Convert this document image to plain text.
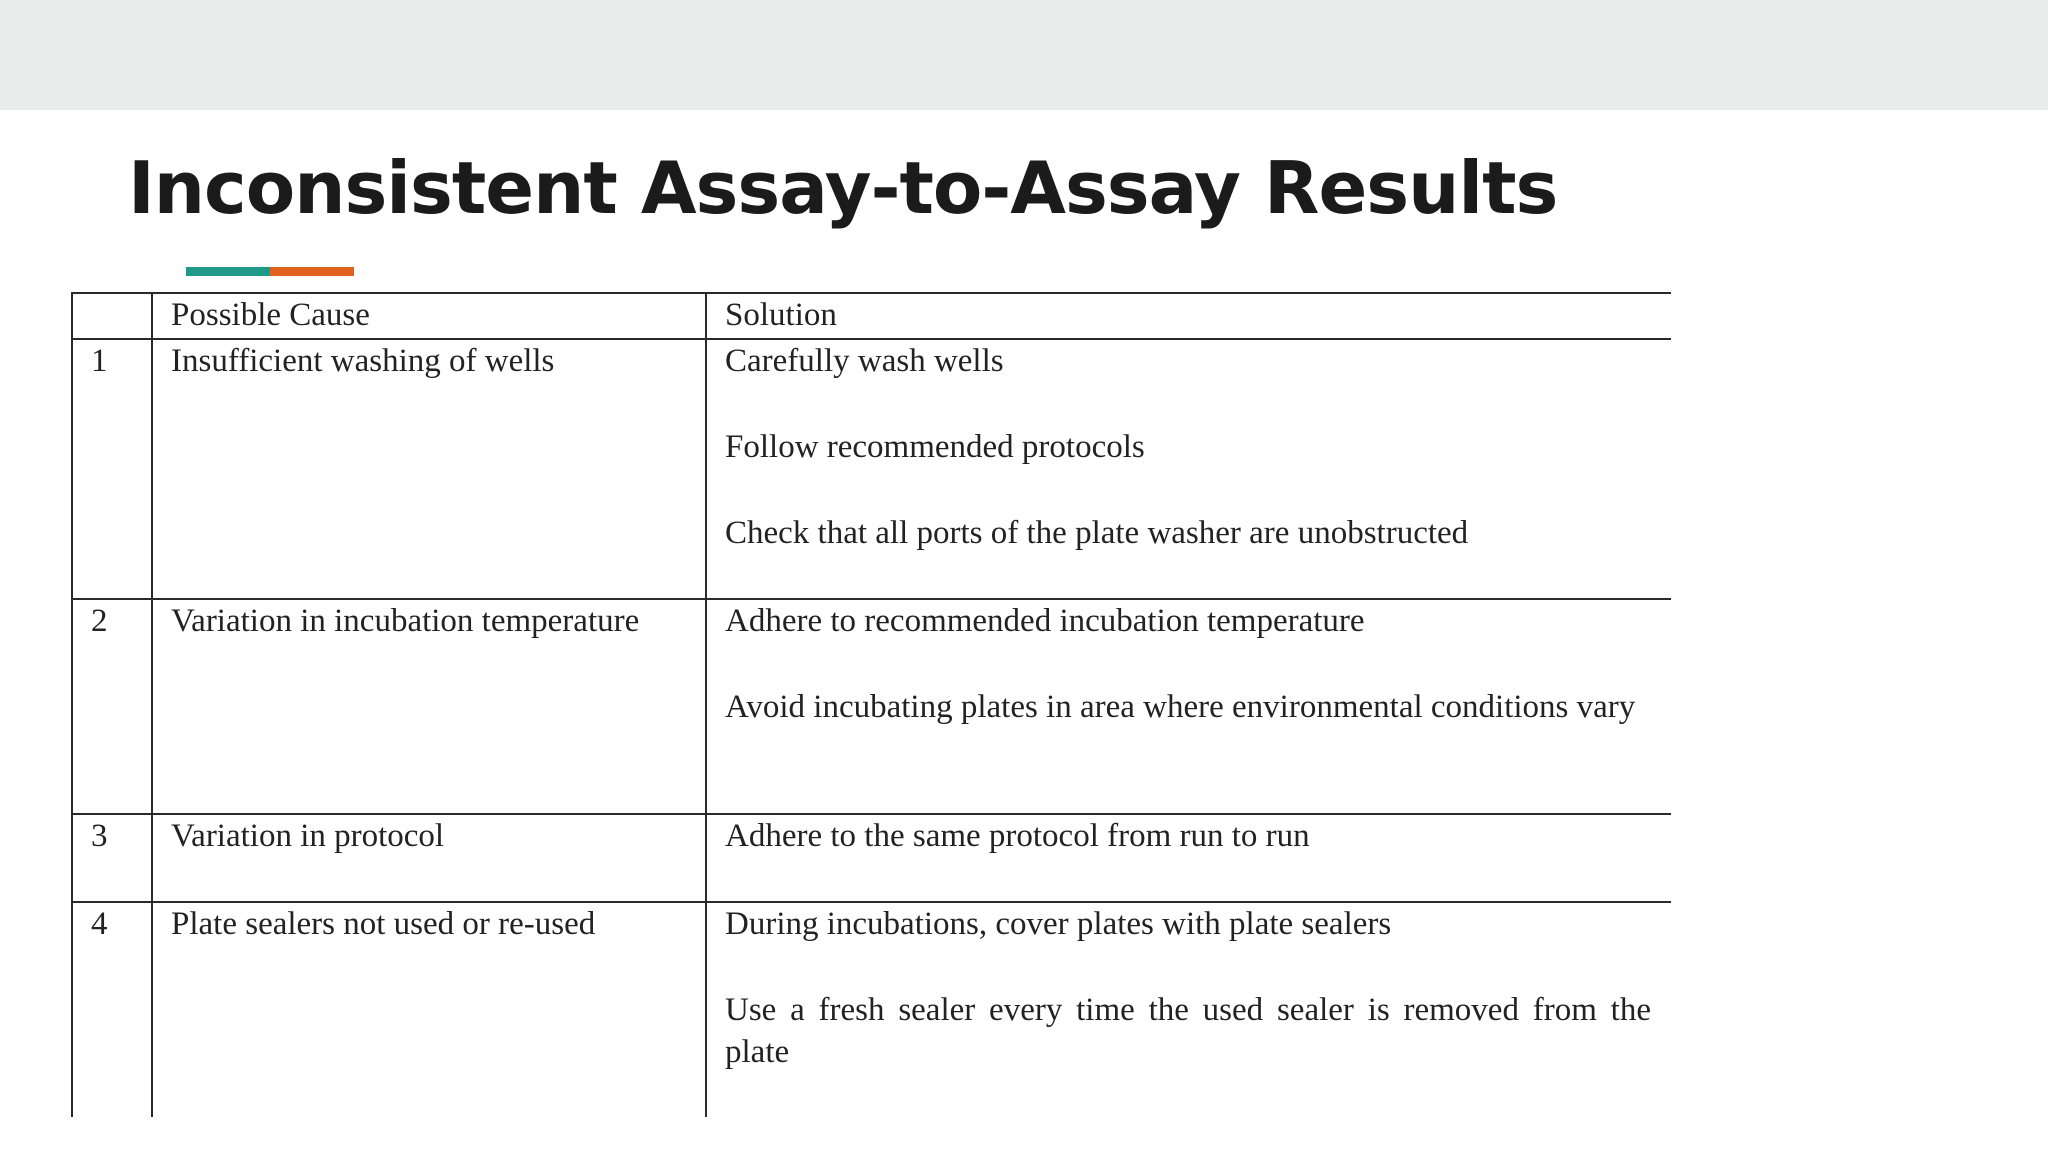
Inconsistent Assay-to-Assay Results
	Possible Cause	Solution
1	Insufficient washing of wells	Carefully wash wells

Follow recommended protocols

Check that all ports of the plate washer are unobstructed

2	Variation in incubation temperature	Adhere to recommended incubation temperature

Avoid incubating plates in area where environmental conditions vary

3	Variation in protocol	Adhere to the same protocol from run to run

4	Plate sealers not used or re-used	During incubations, cover plates with plate sealers

Use a fresh sealer every time the used sealer is removed from the plate
